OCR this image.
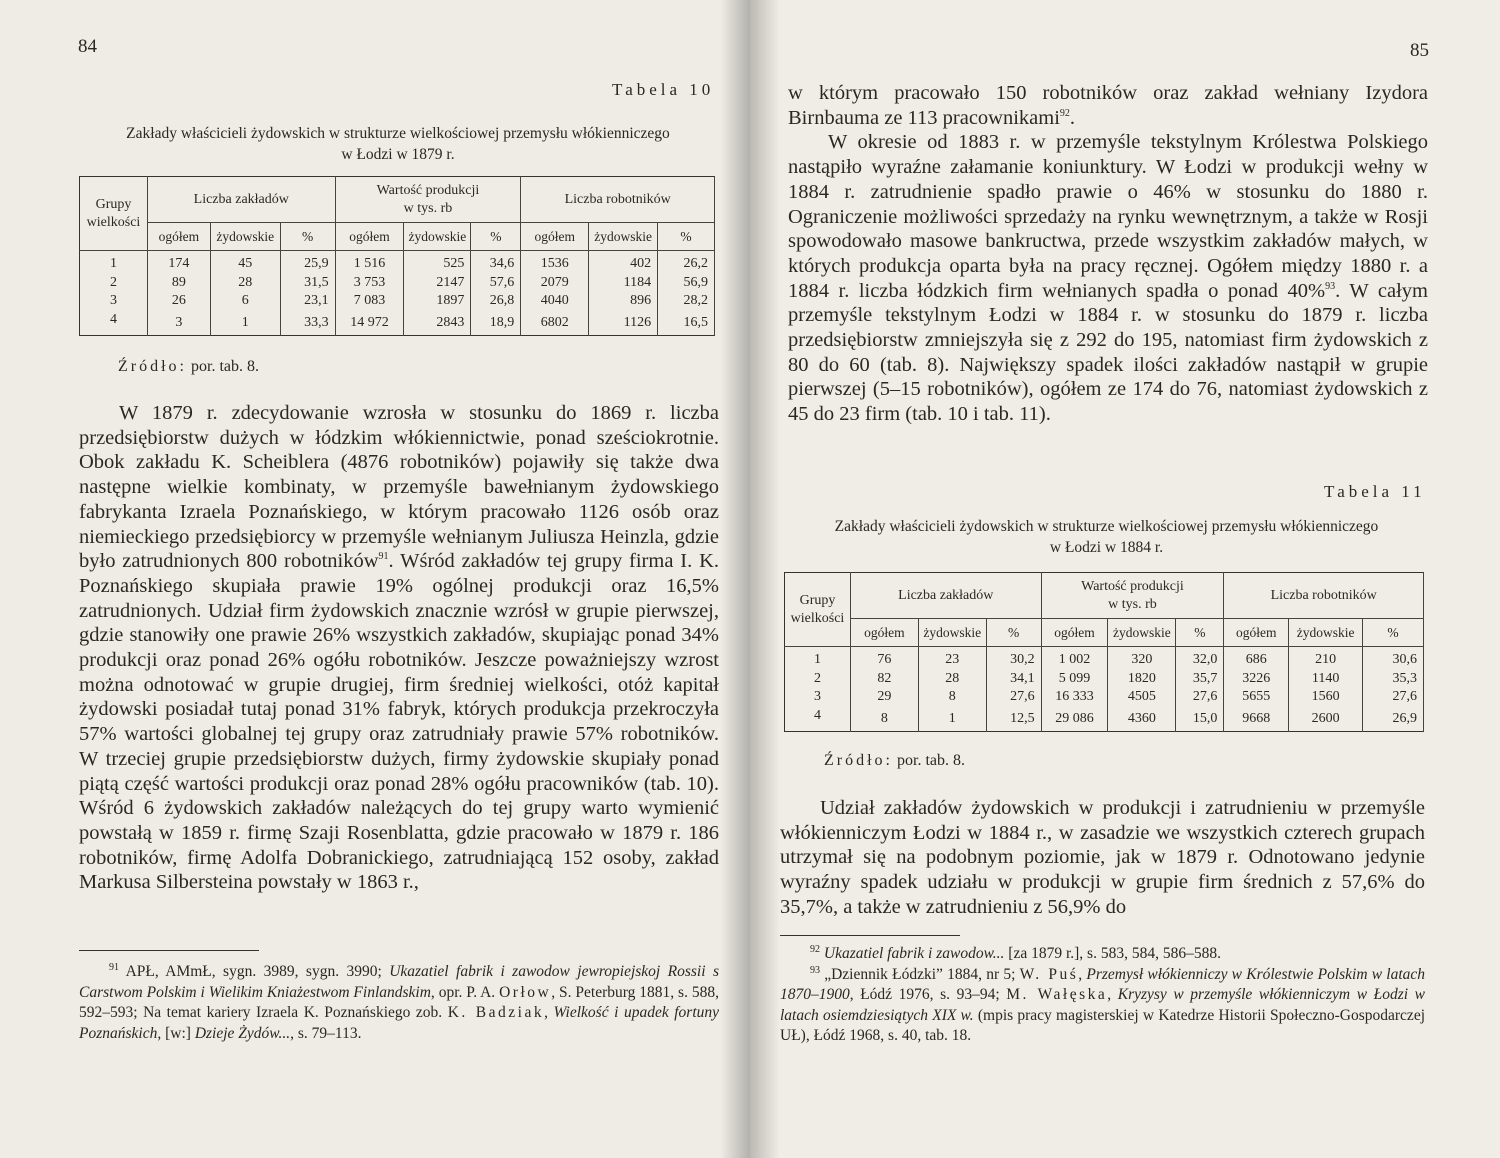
84
Tabela 10
Zakłady właścicieli żydowskich w strukturze wielkościowej przemysłu włókienniczego
w Łodzi w 1879 r.
Grupy wielkości	Liczba zakładów			Wartość produkcji w tys. rb			Liczba robotników		
	ogółem	żydowskie	%	ogółem	żydowskie	%	ogółem	żydowskie	%
1	174	45	25,9	1 516	525	34,6	1536	402	26,2
2	89	28	31,5	3 753	2147	57,6	2079	1184	56,9
3	26	6	23,1	7 083	1897	26,8	4040	896	28,2
4	3	1	33,3	14 972	2843	18,9	6802	1126	16,5
Źródło: por. tab. 8.

W 1879 r. zdecydowanie wzrosła w stosunku do 1869 r. liczba przedsiębiorstw dużych w łódzkim włókiennictwie, ponad sześciokrotnie. Obok zakładu K. Scheiblera (4876 robotników) pojawiły się także dwa następne wielkie kombinaty, w przemyśle bawełnianym żydowskiego fabrykanta Izraela Poznańskiego, w którym pracowało 1126 osób oraz niemieckiego przedsiębiorcy w przemyśle wełnianym Juliusza Heinzla, gdzie było zatrudnionych 800 robotników$^{91}$. Wśród zakładów tej grupy firma I. K. Poznańskiego skupiała prawie 19% ogólnej produkcji oraz 16,5% zatrudnionych. Udział firm żydowskich znacznie wzrósł w grupie pierwszej, gdzie stanowiły one prawie 26% wszystkich zakładów, skupiając ponad 34% produkcji oraz ponad 26% ogółu robotników. Jeszcze poważniejszy wzrost można odnotować w grupie drugiej, firm średniej wielkości, otóż kapitał żydowski posiadał tutaj ponad 31% fabryk, których produkcja przekroczyła 57% wartości globalnej tej grupy oraz zatrudniały prawie 57% robotników. W trzeciej grupie przedsiębiorstw dużych, firmy żydowskie skupiały ponad piątą część wartości produkcji oraz ponad 28% ogółu pracowników (tab. 10). Wśród 6 żydowskich zakładów należących do tej grupy warto wymienić powstałą w 1859 r. firmę Szaji Rosenblatta, gdzie pracowało w 1879 r. 186 robotników, firmę Adolfa Dobranickiego, zatrudniającą 152 osoby, zakład Markusa Silbersteina powstały w 1863 r.,

$^{91}$ APŁ, AMmŁ, sygn. 3989, sygn. 3990; Ukazatiel fabrik i zawodow jewropiejskoj Rossii s Carstwom Polskim i Wielikim Kniażestwom Finlandskim, opr. P. A. Orłow, S. Peterburg 1881, s. 588, 592–593; Na temat kariery Izraela K. Poznańskiego zob. K. Badziak, Wielkość i upadek fortuny Poznańskich, [w:] Dzieje Żydów..., s. 79–113.

85

w którym pracowało 150 robotników oraz zakład wełniany Izydora Birnbauma ze 113 pracownikami$^{92}$.

W okresie od 1883 r. w przemyśle tekstylnym Królestwa Polskiego nastąpiło wyraźne załamanie koniunktury. W Łodzi w produkcji wełny w 1884 r. zatrudnienie spadło prawie o 46% w stosunku do 1880 r. Ograniczenie możliwości sprzedaży na rynku wewnętrznym, a także w Rosji spowodowało masowe bankructwa, przede wszystkim zakładów małych, w których produkcja oparta była na pracy ręcznej. Ogółem między 1880 r. a 1884 r. liczba łódzkich firm wełnianych spadła o ponad 40%$^{93}$. W całym przemyśle tekstylnym Łodzi w 1884 r. w stosunku do 1879 r. liczba przedsiębiorstw zmniejszyła się z 292 do 195, natomiast firm żydowskich z 80 do 60 (tab. 8). Największy spadek ilości zakładów nastąpił w grupie pierwszej (5–15 robotników), ogółem ze 174 do 76, natomiast żydowskich z 45 do 23 firm (tab. 10 i tab. 11).

Tabela 11
Zakłady właścicieli żydowskich w strukturze wielkościowej przemysłu włókienniczego
w Łodzi w 1884 r.
Grupy wielkości	Liczba zakładów			Wartość produkcji w tys. rb			Liczba robotników		
	ogółem	żydowskie	%	ogółem	żydowskie	%	ogółem	żydowskie	%
1	76	23	30,2	1 002	320	32,0	686	210	30,6
2	82	28	34,1	5 099	1820	35,7	3226	1140	35,3
3	29	8	27,6	16 333	4505	27,6	5655	1560	27,6
4	8	1	12,5	29 086	4360	15,0	9668	2600	26,9
Źródło: por. tab. 8.

Udział zakładów żydowskich w produkcji i zatrudnieniu w przemyśle włókienniczym Łodzi w 1884 r., w zasadzie we wszystkich czterech grupach utrzymał się na podobnym poziomie, jak w 1879 r. Odnotowano jedynie wyraźny spadek udziału w produkcji w grupie firm średnich z 57,6% do 35,7%, a także w zatrudnieniu z 56,9% do

$^{92}$ Ukazatiel fabrik i zawodow... [za 1879 r.], s. 583, 584, 586–588.

$^{93}$ „Dziennik Łódzki” 1884, nr 5; W. Puś, Przemysł włókienniczy w Królestwie Polskim w latach 1870–1900, Łódź 1976, s. 93–94; M. Wałęska, Kryzysy w przemyśle włókienniczym w Łodzi w latach osiemdziesiątych XIX w. (mpis pracy magisterskiej w Katedrze Historii Społeczno-Gospodarczej UŁ), Łódź 1968, s. 40, tab. 18.
